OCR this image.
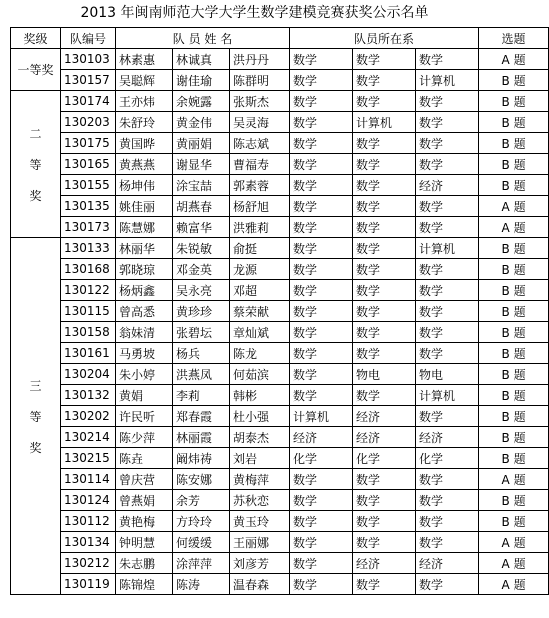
2013 年闽南师范大学大学生数学建模竞赛获奖公示名单
奖级	队编号	队 员 姓 名			队员所在系			选题

一等奖	130103	林素惠	林诚真	洪丹丹	数学	数学	数学	A 题
	130157	吴聪辉	谢佳瑜	陈群明	数学	数学	计算机	B 题

二
等
奖	130174	王亦炜	余婉露	张斯杰	数学	数学	数学	B 题
	130203	朱舒玲	黄金伟	吴灵海	数学	计算机	数学	B 题
	130175	黄国晔	黄丽娟	陈志斌	数学	数学	数学	B 题
	130165	黄燕燕	谢显华	曹福寿	数学	数学	数学	B 题
	130155	杨坤伟	涂宝喆	郭素蓉	数学	数学	经济	B 题
	130135	姚佳丽	胡燕春	杨舒旭	数学	数学	数学	A 题
	130173	陈慧娜	赖富华	洪雅莉	数学	数学	数学	A 题

三
等
奖	130133	林丽华	朱锐敏	俞挺	数学	数学	计算机	B 题
	130168	郭晓琼	邓金英	龙源	数学	数学	数学	B 题
	130122	杨炳鑫	吴永亮	邓超	数学	数学	数学	B 题
	130115	曾高悉	黄珍珍	蔡荣献	数学	数学	数学	B 题
	130158	翁妹清	张碧坛	章灿斌	数学	数学	数学	B 题
	130161	马勇坡	杨兵	陈龙	数学	数学	数学	B 题
	130204	朱小婷	洪燕凤	何茹滨	数学	物电	物电	B 题
	130132	黄娟	李莉	韩彬	数学	数学	计算机	B 题
	130202	许民听	郑春霞	杜小强	计算机	经济	数学	B 题
	130214	陈少萍	林丽霞	胡泰杰	经济	经济	经济	B 题
	130215	陈垚	阚炜祷	刘岩	化学	化学	化学	B 题
	130114	曾庆营	陈安娜	黄梅萍	数学	数学	数学	A 题
	130124	曾燕娟	余芳	苏秋恋	数学	数学	数学	B 题
	130112	黄艳梅	方玲玲	黄玉玲	数学	数学	数学	B 题
	130134	钟明慧	何缓缓	王丽娜	数学	数学	数学	A 题
	130212	朱志鹏	涂萍萍	刘彦芳	数学	经济	经济	A 题
	130119	陈锦煌	陈涛	温春森	数学	数学	数学	A 题
